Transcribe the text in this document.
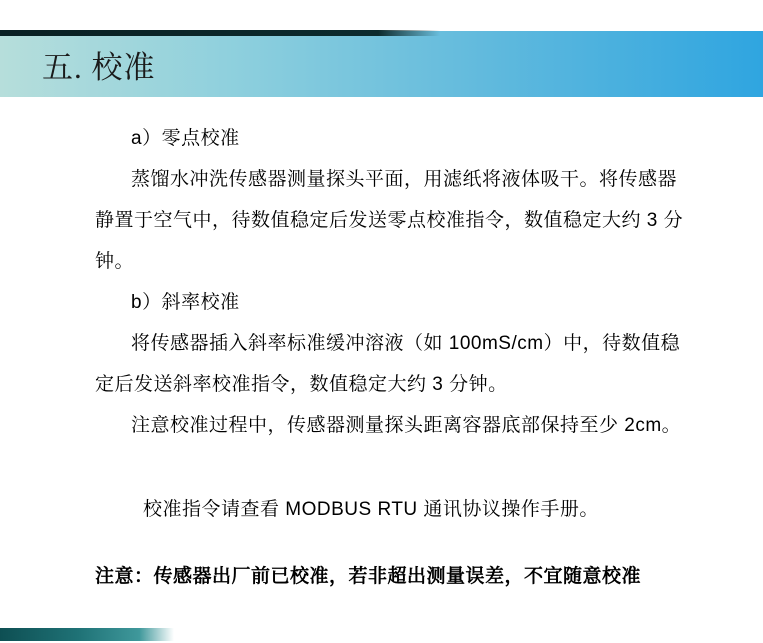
五. 校准
a）零点校准
蒸馏水冲洗传感器测量探头平面，用滤纸将液体吸干。将传感器
静置于空气中，待数值稳定后发送零点校准指令，数值稳定大约 3 分
钟。
b）斜率校准
将传感器插入斜率标准缓冲溶液（如 100mS/cm）中，待数值稳
定后发送斜率校准指令，数值稳定大约 3 分钟。
注意校准过程中，传感器测量探头距离容器底部保持至少 2cm。
校准指令请查看 MODBUS RTU 通讯协议操作手册。
注意：传感器出厂前已校准，若非超出测量误差，不宜随意校准
